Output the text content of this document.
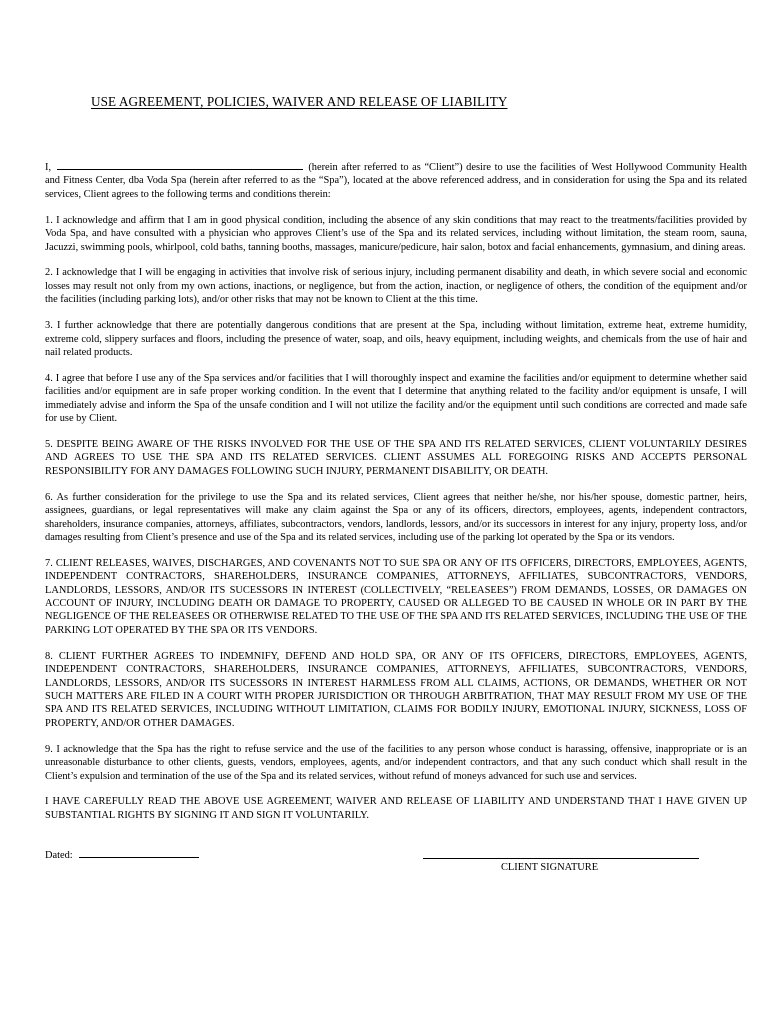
USE AGREEMENT, POLICIES, WAIVER AND RELEASE OF LIABILITY

I,	(herein after referred to as “Client”) desire to use the facilities of West Hollywood Community Health and Fitness Center, dba Voda Spa (herein after referred to as the “Spa”), located at the above referenced address, and in consideration for using the Spa and its related services, Client agrees to the following terms and conditions therein:

1. I acknowledge and affirm that I am in good physical condition, including the absence of any skin conditions that may react to the treatments/facilities provided by Voda Spa, and have consulted with a physician who approves Client’s use of the Spa and its related services, including without limitation, the steam room, sauna, Jacuzzi, swimming pools, whirlpool, cold baths, tanning booths, massages, manicure/pedicure, hair salon, botox and facial enhancements, gymnasium, and dining areas.

2. I acknowledge that I will be engaging in activities that involve risk of serious injury, including permanent disability and death, in which severe social and economic losses may result not only from my own actions, inactions, or negligence, but from the action, inaction, or negligence of others, the condition of the equipment and/or the facilities (including parking lots), and/or other risks that may not be known to Client at the this time.

3. I further acknowledge that there are potentially dangerous conditions that are present at the Spa, including without limitation, extreme heat, extreme humidity, extreme cold, slippery surfaces and floors, including the presence of water, soap, and oils, heavy equipment, including weights, and chemicals from the use of hair and nail related products.

4. I agree that before I use any of the Spa services and/or facilities that I will thoroughly inspect and examine the facilities and/or equipment to determine whether said facilities and/or equipment are in safe proper working condition. In the event that I determine that anything related to the facility and/or equipment is unsafe, I will immediately advise and inform the Spa of the unsafe condition and I will not utilize the facility and/or the equipment until such conditions are corrected and made safe for use by Client.

5. DESPITE BEING AWARE OF THE RISKS INVOLVED FOR THE USE OF THE SPA AND ITS RELATED SERVICES, CLIENT VOLUNTARILY DESIRES AND AGREES TO USE THE SPA AND ITS RELATED SERVICES. CLIENT ASSUMES ALL FOREGOING RISKS AND ACCEPTS PERSONAL RESPONSIBILITY FOR ANY DAMAGES FOLLOWING SUCH INJURY, PERMANENT DISABILITY, OR DEATH.

6. As further consideration for the privilege to use the Spa and its related services, Client agrees that neither he/she, nor his/her spouse, domestic partner, heirs, assignees, guardians, or legal representatives will make any claim against the Spa or any of its officers, directors, employees, agents, independent contractors, shareholders, insurance companies, attorneys, affiliates, subcontractors, vendors, landlords, lessors, and/or its successors in interest for any injury, property loss, and/or damages resulting from Client’s presence and use of the Spa and its related services, including use of the parking lot operated by the Spa or its vendors.

7. CLIENT RELEASES, WAIVES, DISCHARGES, AND COVENANTS NOT TO SUE SPA OR ANY OF ITS OFFICERS, DIRECTORS, EMPLOYEES, AGENTS, INDEPENDENT CONTRACTORS, SHAREHOLDERS, INSURANCE COMPANIES, ATTORNEYS, AFFILIATES, SUBCONTRACTORS, VENDORS, LANDLORDS, LESSORS, AND/OR ITS SUCESSORS IN INTEREST (COLLECTIVELY, “RELEASEES”) FROM DEMANDS, LOSSES, OR DAMAGES ON ACCOUNT OF INJURY, INCLUDING DEATH OR DAMAGE TO PROPERTY, CAUSED OR ALLEGED TO BE CAUSED IN WHOLE OR IN PART BY THE NEGLIGENCE OF THE RELEASEES OR OTHERWISE RELATED TO THE USE OF THE SPA AND ITS RELATED SERVICES, INCLUDING THE USE OF THE PARKING LOT OPERATED BY THE SPA OR ITS VENDORS.

8. CLIENT FURTHER AGREES TO INDEMNIFY, DEFEND AND HOLD SPA, OR ANY OF ITS OFFICERS, DIRECTORS, EMPLOYEES, AGENTS, INDEPENDENT CONTRACTORS, SHAREHOLDERS, INSURANCE COMPANIES, ATTORNEYS, AFFILIATES, SUBCONTRACTORS, VENDORS, LANDLORDS, LESSORS, AND/OR ITS SUCESSORS IN INTEREST HARMLESS FROM ALL CLAIMS, ACTIONS, OR DEMANDS, WHETHER OR NOT SUCH MATTERS ARE FILED IN A COURT WITH PROPER JURISDICTION OR THROUGH ARBITRATION, THAT MAY RESULT FROM MY USE OF THE SPA AND ITS RELATED SERVICES, INCLUDING WITHOUT LIMITATION, CLAIMS FOR BODILY INJURY, EMOTIONAL INJURY, SICKNESS, LOSS OF PROPERTY, AND/OR OTHER DAMAGES.

9. I acknowledge that the Spa has the right to refuse service and the use of the facilities to any person whose conduct is harassing, offensive, inappropriate or is an unreasonable disturbance to other clients, guests, vendors, employees, agents, and/or independent contractors, and that any such conduct which shall result in the Client’s expulsion and termination of the use of the Spa and its related services, without refund of moneys advanced for such use and services.

I HAVE CAREFULLY READ THE ABOVE USE AGREEMENT, WAIVER AND RELEASE OF LIABILITY AND UNDERSTAND THAT I HAVE GIVEN UP SUBSTANTIAL RIGHTS BY SIGNING IT AND SIGN IT VOLUNTARILY.

Dated:
CLIENT SIGNATURE
